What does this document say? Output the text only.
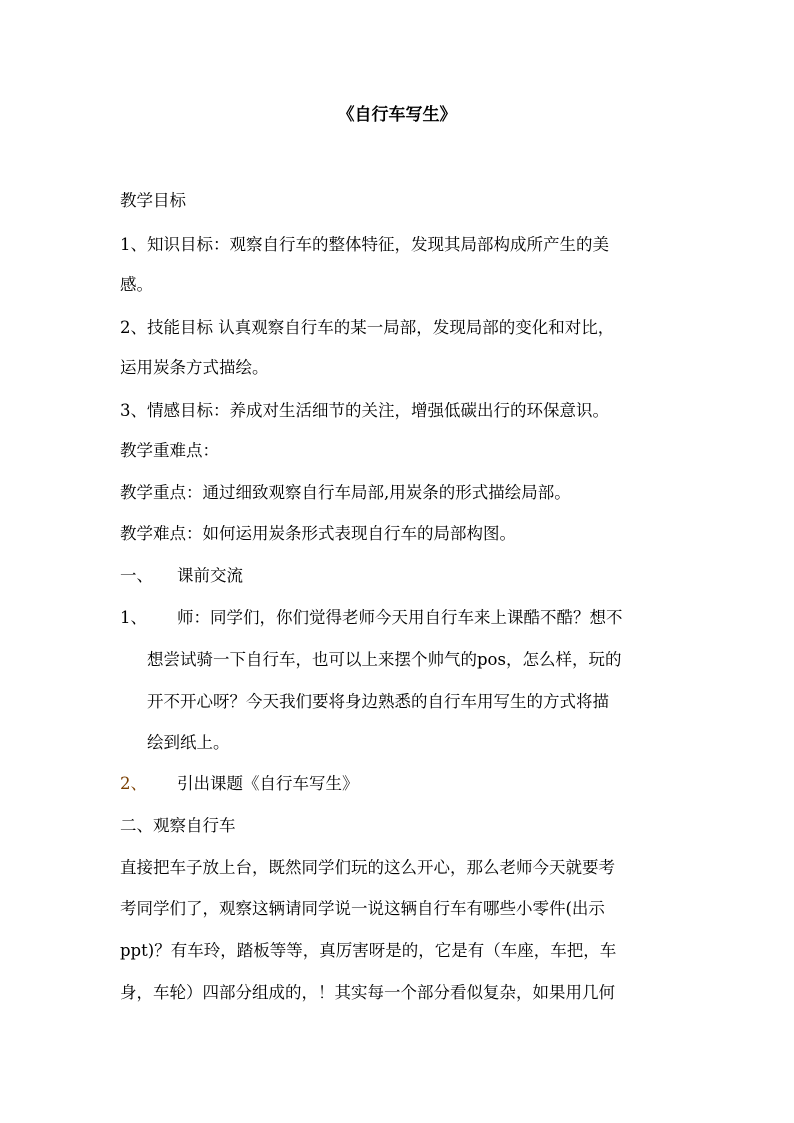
《自行车写生》
教学目标
1、知识目标：观察自行车的整体特征，发现其局部构成所产生的美
感。
2、技能目标 认真观察自行车的某一局部，发现局部的变化和对比，
运用炭条方式描绘。
3、情感目标：养成对生活细节的关注，增强低碳出行的环保意识。
教学重难点：
教学重点：通过细致观察自行车局部,用炭条的形式描绘局部。
教学难点：如何运用炭条形式表现自行车的局部构图。
一、 课前交流
1、 师：同学们，你们觉得老师今天用自行车来上课酷不酷？想不
想尝试骑一下自行车，也可以上来摆个帅气的pos，怎么样，玩的
开不开心呀？今天我们要将身边熟悉的自行车用写生的方式将描
绘到纸上。
2、 引出课题《自行车写生》
二、观察自行车
直接把车子放上台，既然同学们玩的这么开心，那么老师今天就要考
考同学们了，观察这辆请同学说一说这辆自行车有哪些小零件(出示
ppt)？有车玲，踏板等等，真厉害呀是的，它是有（车座，车把，车
身，车轮）四部分组成的，！其实每一个部分看似复杂，如果用几何
